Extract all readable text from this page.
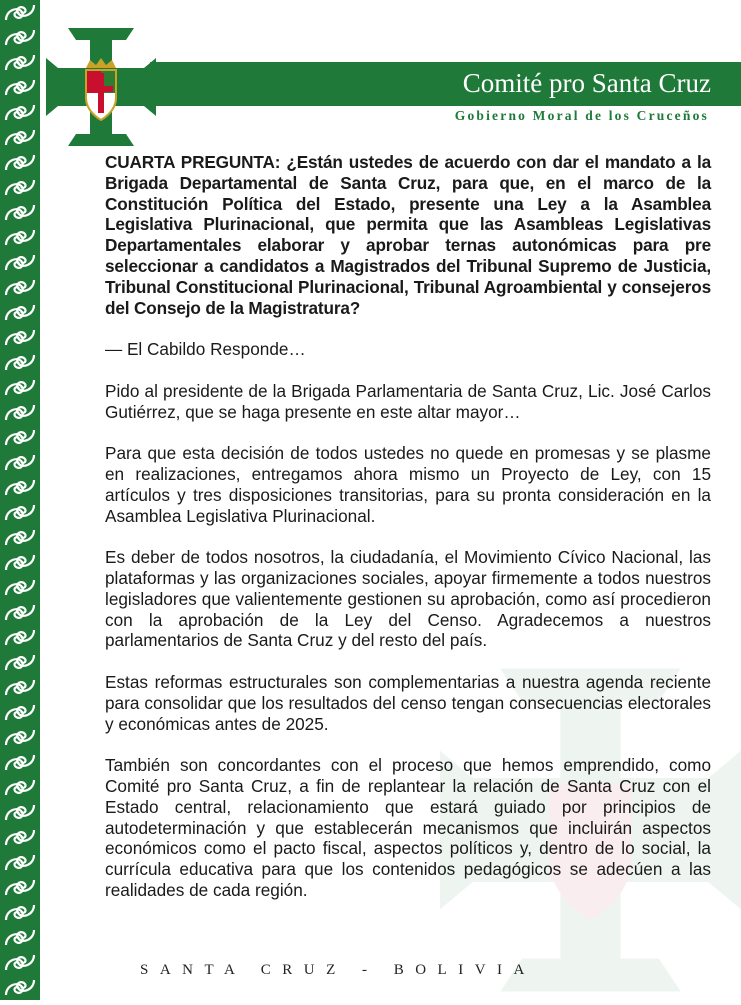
Comité pro Santa Cruz
Gobierno Moral de los Cruceños

CUARTA PREGUNTA: ¿Están ustedes de acuerdo con dar el mandato a la Brigada Departamental de Santa Cruz, para que, en el marco de la Constitución Política del Estado, presente una Ley a la Asamblea Legislativa Plurinacional, que permita que las Asambleas Legislativas Departamentales elaborar y aprobar ternas autonómicas para pre seleccionar a candidatos a Magistrados del Tribunal Supremo de Justicia, Tribunal Constitucional Plurinacional, Tribunal Agroambiental y consejeros del Consejo de la Magistratura?

— El Cabildo Responde…

Pido al presidente de la Brigada Parlamentaria de Santa Cruz, Lic. José Carlos Gutiérrez, que se haga presente en este altar mayor…

Para que esta decisión de todos ustedes no quede en promesas y se plasme en realizaciones, entregamos ahora mismo un Proyecto de Ley, con 15 artículos y tres disposiciones transitorias, para su pronta consideración en la Asamblea Legislativa Plurinacional.

Es deber de todos nosotros, la ciudadanía, el Movimiento Cívico Nacional, las plataformas y las organizaciones sociales, apoyar firmemente a todos nuestros legisladores que valientemente gestionen su aprobación, como así procedieron con la aprobación de la Ley del Censo. Agradecemos a nuestros parlamentarios de Santa Cruz y del resto del país.

Estas reformas estructurales son complementarias a nuestra agenda reciente para consolidar que los resultados del censo tengan consecuencias electorales y económicas antes de 2025.

También son concordantes con el proceso que hemos emprendido, como Comité pro Santa Cruz, a fin de replantear la relación de Santa Cruz con el Estado central, relacionamiento que estará guiado por principios de autodeterminación y que establecerán mecanismos que incluirán aspectos económicos como el pacto fiscal, aspectos políticos y, dentro de lo social, la currícula educativa para que los contenidos pedagógicos se adecúen a las realidades de cada región.

SANTA CRUZ - BOLIVIA
